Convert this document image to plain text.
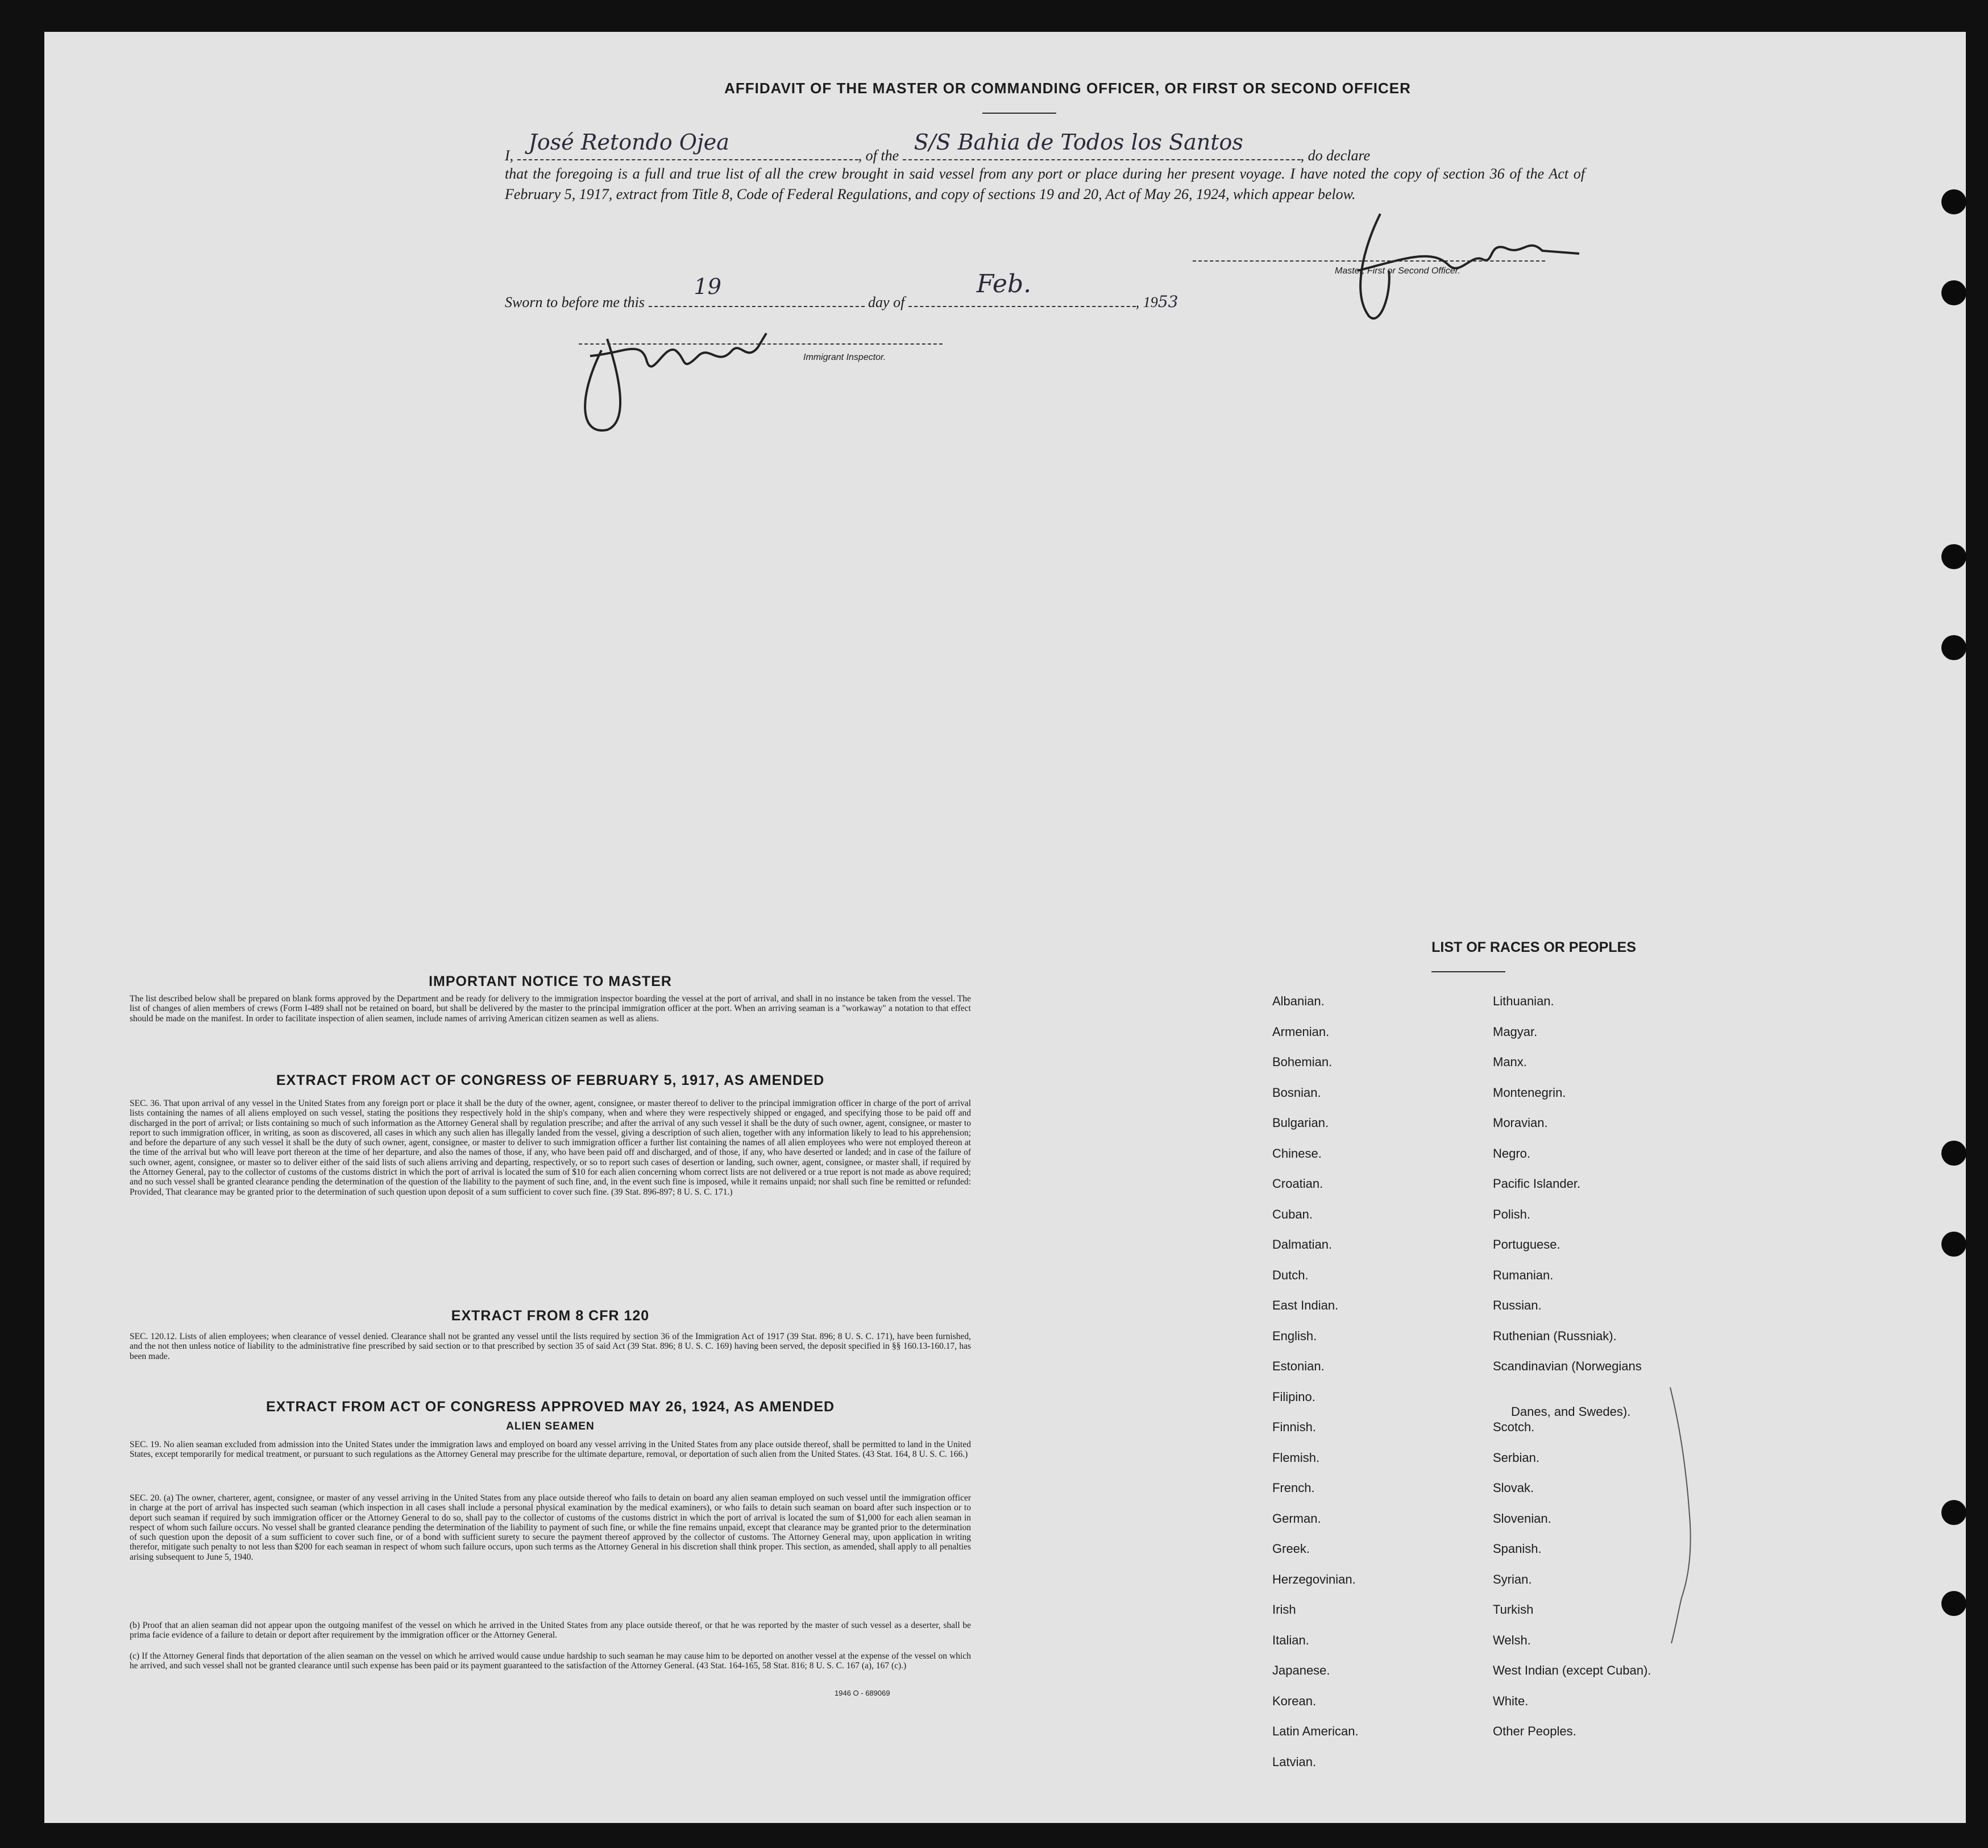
AFFIDAVIT OF THE MASTER OR COMMANDING OFFICER, OR FIRST OR SECOND OFFICER
I,
José Retondo Ojea
, of the
S/S Bahia de Todos los Santos
, do declare
that the foregoing is a full and true list of all the crew brought in said vessel from any port or place during her present voyage. I have noted the copy of section 36 of the Act of February 5, 1917, extract from Title 8, Code of Federal Regulations, and copy of sections 19 and 20, Act of May 26, 1924, which appear below.
Master, First or Second Officer.
Sworn to before me this
19
day of
Feb.
, 1953
Immigrant Inspector.
IMPORTANT NOTICE TO MASTER
The list described below shall be prepared on blank forms approved by the Department and be ready for delivery to the immigration inspector boarding the vessel at the port of arrival, and shall in no instance be taken from the vessel. The list of changes of alien members of crews (Form I-489 shall not be retained on board, but shall be delivered by the master to the principal immigration officer at the port. When an arriving seaman is a "workaway" a notation to that effect should be made on the manifest. In order to facilitate inspection of alien seamen, include names of arriving American citizen seamen as well as aliens.
EXTRACT FROM ACT OF CONGRESS OF FEBRUARY 5, 1917, AS AMENDED
SEC. 36. That upon arrival of any vessel in the United States from any foreign port or place it shall be the duty of the owner, agent, consignee, or master thereof to deliver to the principal immigration officer in charge of the port of arrival lists containing the names of all aliens employed on such vessel, stating the positions they respectively hold in the ship's company, when and where they were respectively shipped or engaged, and specifying those to be paid off and discharged in the port of arrival; or lists containing so much of such information as the Attorney General shall by regulation prescribe; and after the arrival of any such vessel it shall be the duty of such owner, agent, consignee, or master to report to such immigration officer, in writing, as soon as discovered, all cases in which any such alien has illegally landed from the vessel, giving a description of such alien, together with any information likely to lead to his apprehension; and before the departure of any such vessel it shall be the duty of such owner, agent, consignee, or master to deliver to such immigration officer a further list containing the names of all alien employees who were not employed thereon at the time of the arrival but who will leave port thereon at the time of her departure, and also the names of those, if any, who have been paid off and discharged, and of those, if any, who have deserted or landed; and in case of the failure of such owner, agent, consignee, or master so to deliver either of the said lists of such aliens arriving and departing, respectively, or so to report such cases of desertion or landing, such owner, agent, consignee, or master shall, if required by the Attorney General, pay to the collector of customs of the customs district in which the port of arrival is located the sum of $10 for each alien concerning whom correct lists are not delivered or a true report is not made as above required; and no such vessel shall be granted clearance pending the determination of the question of the liability to the payment of such fine, and, in the event such fine is imposed, while it remains unpaid; nor shall such fine be remitted or refunded: Provided, That clearance may be granted prior to the determination of such question upon deposit of a sum sufficient to cover such fine. (39 Stat. 896-897; 8 U. S. C. 171.)
EXTRACT FROM 8 CFR 120
SEC. 120.12. Lists of alien employees; when clearance of vessel denied. Clearance shall not be granted any vessel until the lists required by section 36 of the Immigration Act of 1917 (39 Stat. 896; 8 U. S. C. 171), have been furnished, and the not then unless notice of liability to the administrative fine prescribed by said section or to that prescribed by section 35 of said Act (39 Stat. 896; 8 U. S. C. 169) having been served, the deposit specified in §§ 160.13-160.17, has been made.
EXTRACT FROM ACT OF CONGRESS APPROVED MAY 26, 1924, AS AMENDED
ALIEN SEAMEN
SEC. 19. No alien seaman excluded from admission into the United States under the immigration laws and employed on board any vessel arriving in the United States from any place outside thereof, shall be permitted to land in the United States, except temporarily for medical treatment, or pursuant to such regulations as the Attorney General may prescribe for the ultimate departure, removal, or deportation of such alien from the United States. (43 Stat. 164, 8 U. S. C. 166.)
SEC. 20. (a) The owner, charterer, agent, consignee, or master of any vessel arriving in the United States from any place outside thereof who fails to detain on board any alien seaman employed on such vessel until the immigration officer in charge at the port of arrival has inspected such seaman (which inspection in all cases shall include a personal physical examination by the medical examiners), or who fails to detain such seaman on board after such inspection or to deport such seaman if required by such immigration officer or the Attorney General to do so, shall pay to the collector of customs of the customs district in which the port of arrival is located the sum of $1,000 for each alien seaman in respect of whom such failure occurs. No vessel shall be granted clearance pending the determination of the liability to payment of such fine, or while the fine remains unpaid, except that clearance may be granted prior to the determination of such question upon the deposit of a sum sufficient to cover such fine, or of a bond with sufficient surety to secure the payment thereof approved by the collector of customs. The Attorney General may, upon application in writing therefor, mitigate such penalty to not less than $200 for each seaman in respect of whom such failure occurs, upon such terms as the Attorney General in his discretion shall think proper. This section, as amended, shall apply to all penalties arising subsequent to June 5, 1940.
(b) Proof that an alien seaman did not appear upon the outgoing manifest of the vessel on which he arrived in the United States from any place outside thereof, or that he was reported by the master of such vessel as a deserter, shall be prima facie evidence of a failure to detain or deport after requirement by the immigration officer or the Attorney General.
(c) If the Attorney General finds that deportation of the alien seaman on the vessel on which he arrived would cause undue hardship to such seaman he may cause him to be deported on another vessel at the expense of the vessel on which he arrived, and such vessel shall not be granted clearance until such expense has been paid or its payment guaranteed to the satisfaction of the Attorney General. (43 Stat. 164-165, 58 Stat. 816; 8 U. S. C. 167 (a), 167 (c).)
1946 O - 689069
LIST OF RACES OR PEOPLES
Albanian.
Armenian.
Bohemian.
Bosnian.
Bulgarian.
Chinese.
Croatian.
Cuban.
Dalmatian.
Dutch.
East Indian.
English.
Estonian.
Filipino.
Finnish.
Flemish.
French.
German.
Greek.
Herzegovinian.
Irish
Italian.
Japanese.
Korean.
Latin American.
Latvian.
Lithuanian.
Magyar.
Manx.
Montenegrin.
Moravian.
Negro.
Pacific Islander.
Polish.
Portuguese.
Rumanian.
Russian.
Ruthenian (Russniak).
Scandinavian (Norwegians
Danes, and Swedes).
Scotch.
Serbian.
Slovak.
Slovenian.
Spanish.
Syrian.
Turkish
Welsh.
West Indian (except Cuban).
White.
Other Peoples.
